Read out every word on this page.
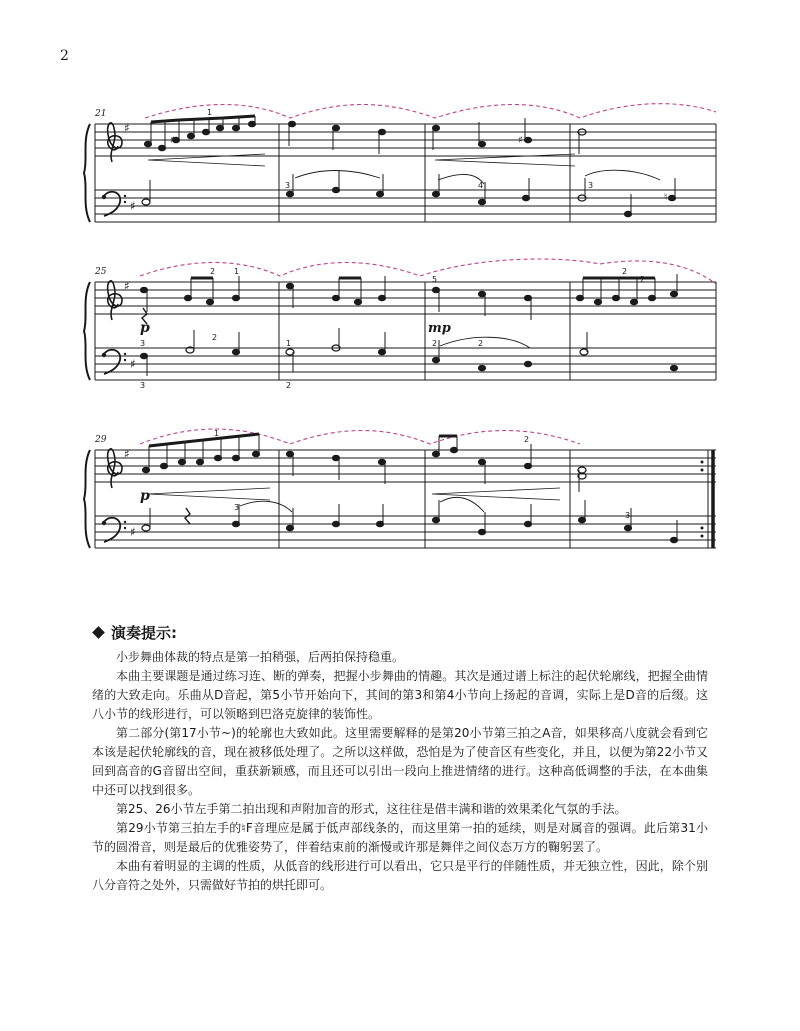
2
♯
♯
♯	♯
♮
♯
♯
♯
♯
21
25
29
p	mp
p
1
3	4	3
2 1
5
2
3
3
1
2
2
3
2
2
3
2
1
2
演奏提示:

小步舞曲体裁的特点是第一拍稍强，后两拍保持稳重。

本曲主要课题是通过练习连、断的弹奏，把握小步舞曲的情趣。其次是通过谱上标注的起伏轮廓线，把握全曲情绪的大致走向。乐曲从D音起，第5小节开始向下，其间的第3和第4小节向上扬起的音调，实际上是D音的后缀。这八小节的线形进行，可以领略到巴洛克旋律的装饰性。

第二部分(第17小节~)的轮廓也大致如此。这里需要解释的是第20小节第三拍之A音，如果移高八度就会看到它本该是起伏轮廓线的音，现在被移低处理了。之所以这样做，恐怕是为了使音区有些变化，并且，以便为第22小节又回到高音的G音留出空间，重获新颖感，而且还可以引出一段向上推进情绪的进行。这种高低调整的手法，在本曲集中还可以找到很多。

第25、26小节左手第二拍出现和声附加音的形式，这往往是借丰满和谐的效果柔化气氛的手法。

第29小节第三拍左手的♮F音理应是属于低声部线条的，而这里第一拍的延续，则是对属音的强调。此后第31小节的圆滑音，则是最后的优雅姿势了，伴着结束前的渐慢或许那是舞伴之间仪态万方的鞠躬罢了。

本曲有着明显的主调的性质，从低音的线形进行可以看出，它只是平行的伴随性质，并无独立性，因此，除个别八分音符之处外，只需做好节拍的烘托即可。
